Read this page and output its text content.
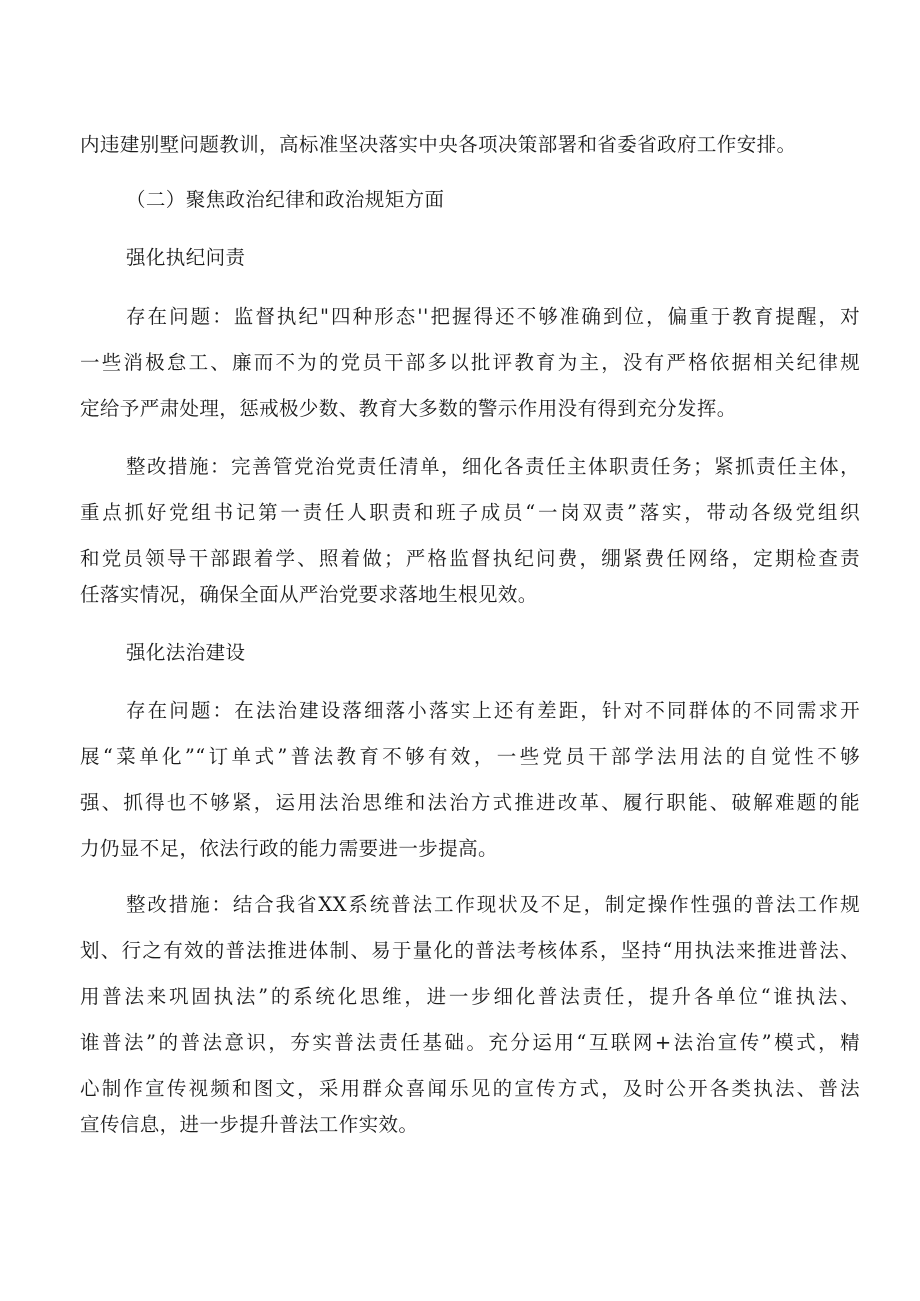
内违建别墅问题教训，高标准坚决落实中央各项决策部署和省委省政府工作安排。
（二）聚焦政治纪律和政治规矩方面
强化执纪问责
存在问题：监督执纪"四种形态''把握得还不够准确到位，偏重于教育提醒，对
一些消极怠工、廉而不为的党员干部多以批评教育为主，没有严格依据相关纪律规
定给予严肃处理，惩戒极少数、教育大多数的警示作用没有得到充分发挥。
整改措施：完善管党治党责任清单，细化各责任主体职责任务；紧抓责任主体，
重点抓好党组书记第一责任人职责和班子成员“一岗双责”落实，带动各级党组织
和党员领导干部跟着学、照着做；严格监督执纪问费，绷紧费任网络，定期检查责
任落实情况，确保全面从严治党要求落地生根见效。
强化法治建设
存在问题：在法治建设落细落小落实上还有差距，针对不同群体的不同需求开
展“菜单化”“订单式”普法教育不够有效，一些党员干部学法用法的自觉性不够
强、抓得也不够紧，运用法治思维和法治方式推进改革、履行职能、破解难题的能
力仍显不足，依法行政的能力需要进一步提高。
整改措施：结合我省XX系统普法工作现状及不足，制定操作性强的普法工作规
划、行之有效的普法推进体制、易于量化的普法考核体系，坚持“用执法来推进普法、
用普法来巩固执法”的系统化思维，进一步细化普法责任，提升各单位“谁执法、
谁普法”的普法意识，夯实普法责任基础。充分运用“互联网+法治宣传”模式，精
心制作宣传视频和图文，采用群众喜闻乐见的宣传方式，及时公开各类执法、普法
宣传信息，进一步提升普法工作实效。
